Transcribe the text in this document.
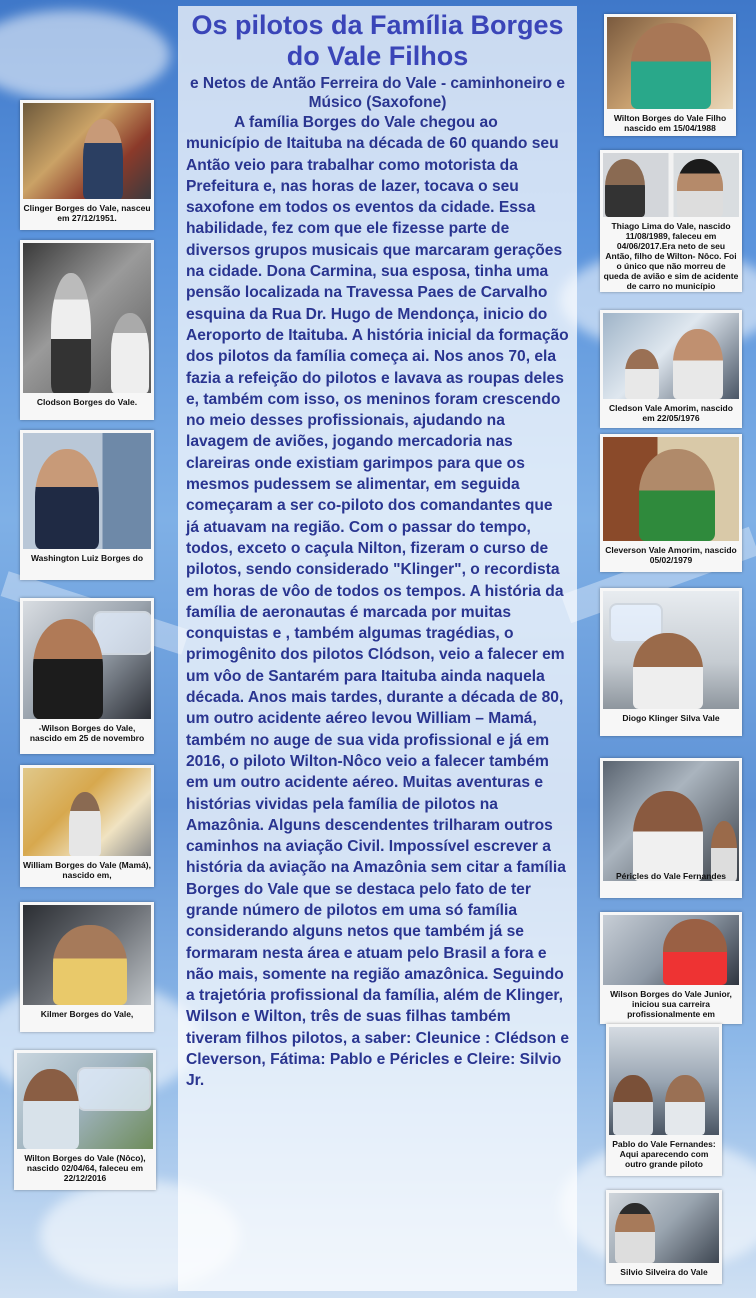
Os pilotos da Família Borges do Vale Filhos

e Netos de Antão Ferreira do Vale - caminhoneiro e Músico (Saxofone)

A família Borges do Vale chegou ao município de Itaituba na década de 60 quando seu Antão veio para trabalhar como motorista da Prefeitura e, nas horas de lazer, tocava o seu saxofone em todos os eventos da cidade. Essa habilidade, fez com que ele fizesse parte de diversos grupos musicais que marcaram gerações na cidade. Dona Carmina, sua esposa, tinha uma pensão localizada na Travessa Paes de Carvalho esquina da Rua Dr. Hugo de Mendonça, inicio do Aeroporto de Itaituba. A história inicial da formação dos pilotos da família começa ai. Nos anos 70, ela fazia a refeição do pilotos e lavava as roupas deles e, também com isso, os meninos foram crescendo no meio desses profissionais, ajudando na lavagem de aviões, jogando mercadoria nas clareiras onde existiam garimpos para que os mesmos pudessem se alimentar, em seguida começaram a ser co-piloto dos comandantes que já atuavam na região. Com o passar do tempo, todos, exceto o caçula Nilton, fizeram o curso de pilotos, sendo considerado "Klinger", o recordista em horas de vôo de todos os tempos. A história da família de aeronautas é marcada por muitas conquistas e , também algumas tragédias, o primogênito dos pilotos Clódson, veio a falecer em um vôo de Santarém para Itaituba ainda naquela década. Anos mais tardes, durante a década de 80, um outro acidente aéreo levou William – Mamá, também no auge de sua vida profissional e já em 2016, o piloto Wilton-Nôco veio a falecer também em um outro acidente aéreo. Muitas aventuras e histórias vividas pela família de pilotos na Amazônia. Alguns descendentes trilharam outros caminhos na aviação Civil. Impossível escrever a história da aviação na Amazônia sem citar a família Borges do Vale que se destaca pelo fato de ter grande número de pilotos em uma só família considerando alguns netos que também já se formaram nesta área e atuam pelo Brasil a fora e não mais, somente na região amazônica. Seguindo a trajetória profissional da família, além de Klinger, Wilson e Wilton, três de suas filhas também tiveram filhos pilotos, a saber: Cleunice : Clédson e Cleverson, Fátima: Pablo e Péricles e Cleire: Silvio Jr.

Clinger Borges do Vale, nasceu em 27/12/1951.
Clodson Borges do Vale.
Washington Luiz Borges do
-Wilson Borges do Vale, nascido em 25 de novembro
William Borges do Vale (Mamá), nascido em,
Kilmer Borges do Vale,
Wilton Borges do Vale (Nôco), nascido 02/04/64, faleceu em 22/12/2016
Wilton Borges do Vale Filho nascido em 15/04/1988
Thiago Lima do Vale, nascido 11/08/1989, faleceu em 04/06/2017.Era neto de seu Antão, filho de Wilton- Nôco. Foi o único que não morreu de queda de avião e sim de acidente de carro no município
Cledson Vale Amorim, nascido em 22/05/1976
Cleverson Vale Amorim, nascido 05/02/1979
Diogo Klinger Silva Vale
Péricles do Vale Fernandes
Wilson Borges do Vale Junior, iniciou sua carreira profissionalmente em
Pablo do Vale Fernandes: Aqui aparecendo com outro grande piloto
Silvio Silveira do Vale
